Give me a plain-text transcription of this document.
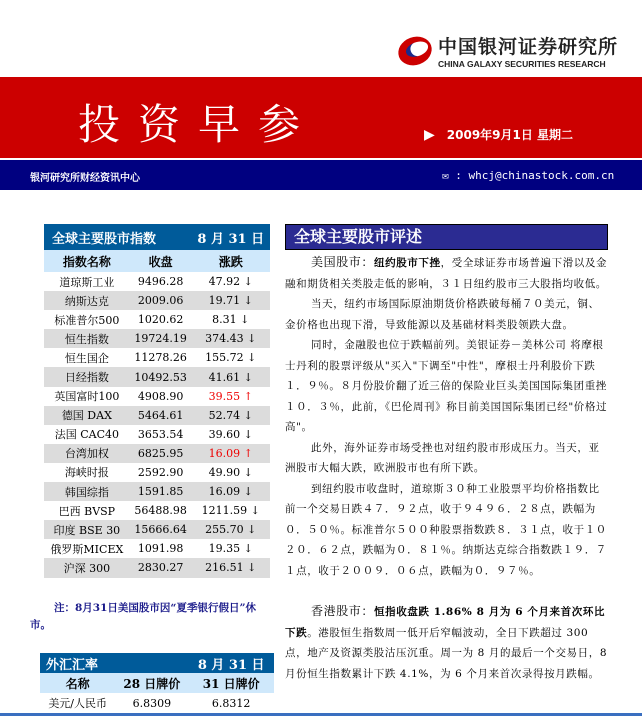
中国银河证券研究所
CHINA GALAXY SECURITIES RESEARCH
投资早参	▶ 2009年9月1日 星期二
银河研究所财经资讯中心	✉ : whcj@chinastock.com.cn
全球主要股市指数		8 月 31 日
指数名称	收盘	涨跌
道琼斯工业	9496.28	47.92 ↓
纳斯达克	2009.06	19.71 ↓
标准普尔500	1020.62	8.31 ↓
恒生指数	19724.19	374.43 ↓
恒生国企	11278.26	155.72 ↓
日经指数	10492.53	41.61 ↓
英国富时100	4908.90	39.55 ↑
德国 DAX	5464.61	52.74 ↓
法国 CAC40	3653.54	39.60 ↓
台湾加权	6825.95	16.09 ↑
海峡时报	2592.90	49.90 ↓
韩国综指	1591.85	16.09 ↓
巴西 BVSP	56488.98	1211.59 ↓
印度 BSE 30	15666.64	255.70 ↓
俄罗斯MICEX	1091.98	19.35 ↓
沪深 300	2830.27	216.51 ↓
注：8月31日美国股市因“夏季银行假日”休市。
外汇汇率		8 月 31 日
名称	28 日牌价	31 日牌价
美元/人民币	6.8309	6.8312
全球主要股市评述

美国股市：纽约股市下挫，受全球证券市场普遍下滑以及金融和期货相关类股走低的影响，３１日纽约股市三大股指均收低。

当天，纽约市场国际原油期货价格跌破每桶７０美元，铜、金价格也出现下滑，导致能源以及基础材料类股领跌大盘。

同时，金融股也位于跌幅前列。美银证券－美林公司 将摩根士丹利的股票评级从"买入"下调至"中性"，摩根士丹利股价下跌１．９％。８月份股价翻了近三倍的保险业巨头美国国际集团重挫１０．３％，此前，《巴伦周刊》称目前美国国际集团已经"价格过高"。

此外，海外证券市场受挫也对纽约股市形成压力。当天，亚洲股市大幅大跌，欧洲股市也有所下跌。

到纽约股市收盘时，道琼斯３０种工业股票平均价格指数比前一个交易日跌４７．９２点，收于９４９６．２８点，跌幅为０．５０％。标准普尔５００种股票指数跌８．３１点，收于１０２０．６２点，跌幅为０．８１％。纳斯达克综合指数跌１９．７１点，收于２００９．０６点，跌幅为０．９７％。

香港股市：恒指收盘跌 1.86% 8 月为 6 个月来首次环比下跌。港股恒生指数周一低开后窄幅波动，全日下跌超过 300 点，地产及资源类股沽压沉重。周一为 8 月的最后一个交易日，8 月份恒生指数累计下跌 4.1%，为 6 个月来首次录得按月跌幅。
